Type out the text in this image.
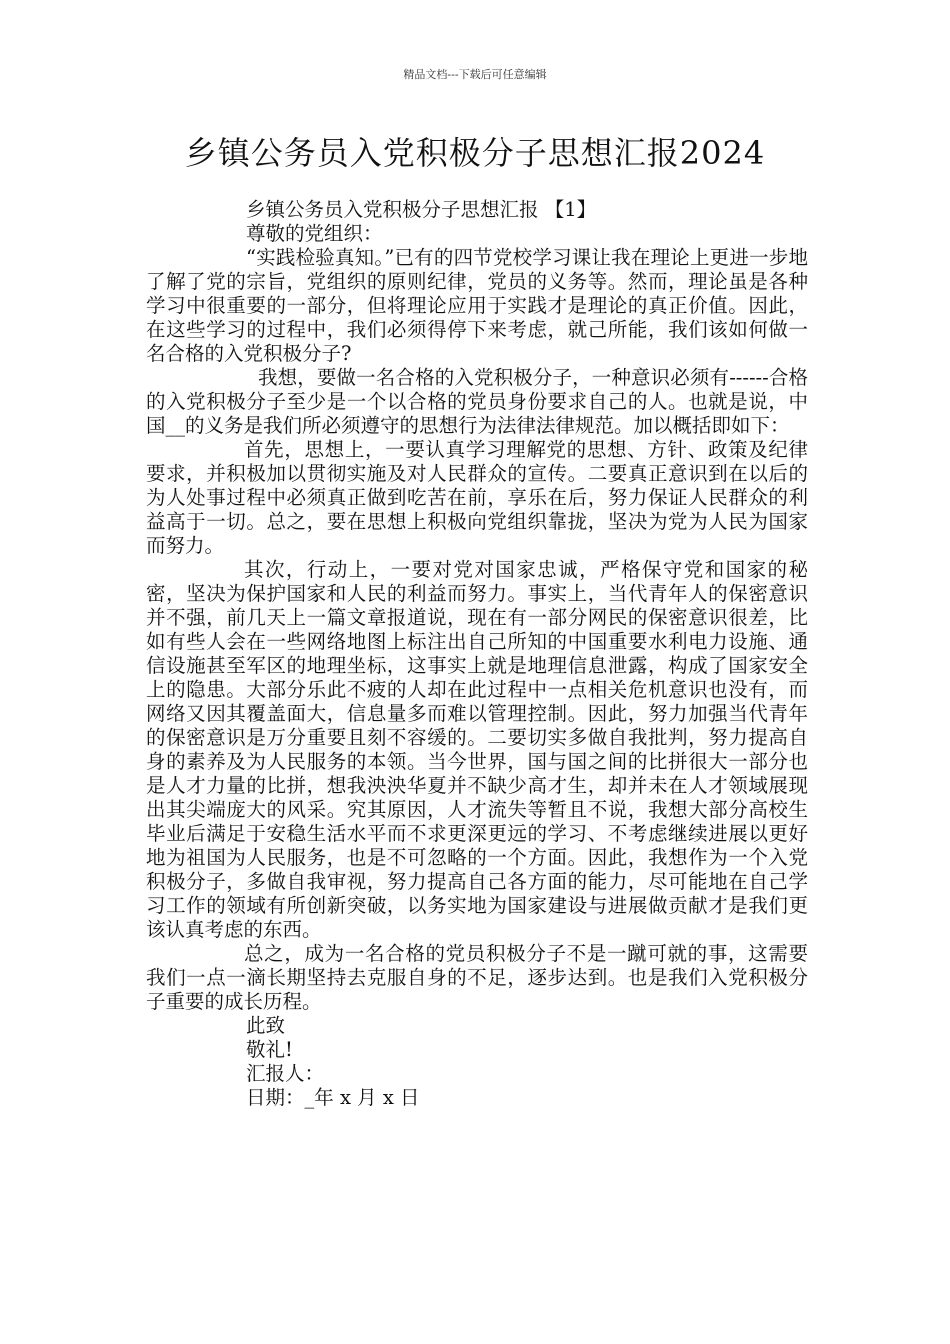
精品文档---下载后可任意编辑
乡镇公务员入党积极分子思想汇报2024

乡镇公务员入党积极分子思想汇报 【1】

尊敬的党组织：

“实践检验真知。”已有的四节党校学习课让我在理论上更进一步地了解了党的宗旨，党组织的原则纪律，党员的义务等。然而，理论虽是各种学习中很重要的一部分，但将理论应用于实践才是理论的真正价值。因此，在这些学习的过程中，我们必须得停下来考虑，就己所能，我们该如何做一名合格的入党积极分子?

我想，要做一名合格的入党积极分子，一种意识必须有------合格的入党积极分子至少是一个以合格的党员身份要求自己的人。也就是说，中国__的义务是我们所必须遵守的思想行为法律法律规范。加以概括即如下：

首先，思想上，一要认真学习理解党的思想、方针、政策及纪律要求，并积极加以贯彻实施及对人民群众的宣传。二要真正意识到在以后的为人处事过程中必须真正做到吃苦在前，享乐在后，努力保证人民群众的利益高于一切。总之，要在思想上积极向党组织靠拢，坚决为党为人民为国家而努力。

其次，行动上，一要对党对国家忠诚，严格保守党和国家的秘密，坚决为保护国家和人民的利益而努力。事实上，当代青年人的保密意识并不强，前几天上一篇文章报道说，现在有一部分网民的保密意识很差，比如有些人会在一些网络地图上标注出自己所知的中国重要水利电力设施、通信设施甚至军区的地理坐标，这事实上就是地理信息泄露，构成了国家安全上的隐患。大部分乐此不疲的人却在此过程中一点相关危机意识也没有，而网络又因其覆盖面大，信息量多而难以管理控制。因此，努力加强当代青年的保密意识是万分重要且刻不容缓的。二要切实多做自我批判，努力提高自身的素养及为人民服务的本领。当今世界，国与国之间的比拼很大一部分也是人才力量的比拼，想我泱泱华夏并不缺少高才生，却并未在人才领域展现出其尖端庞大的风采。究其原因，人才流失等暂且不说，我想大部分高校生毕业后满足于安稳生活水平而不求更深更远的学习、不考虑继续进展以更好地为祖国为人民服务，也是不可忽略的一个方面。因此，我想作为一个入党积极分子，多做自我审视，努力提高自己各方面的能力，尽可能地在自己学习工作的领域有所创新突破，以务实地为国家建设与进展做贡献才是我们更该认真考虑的东西。

总之，成为一名合格的党员积极分子不是一蹴可就的事，这需要我们一点一滴长期坚持去克服自身的不足，逐步达到。也是我们入党积极分子重要的成长历程。

此致

敬礼!

汇报人：

日期：_年 x 月 x 日
